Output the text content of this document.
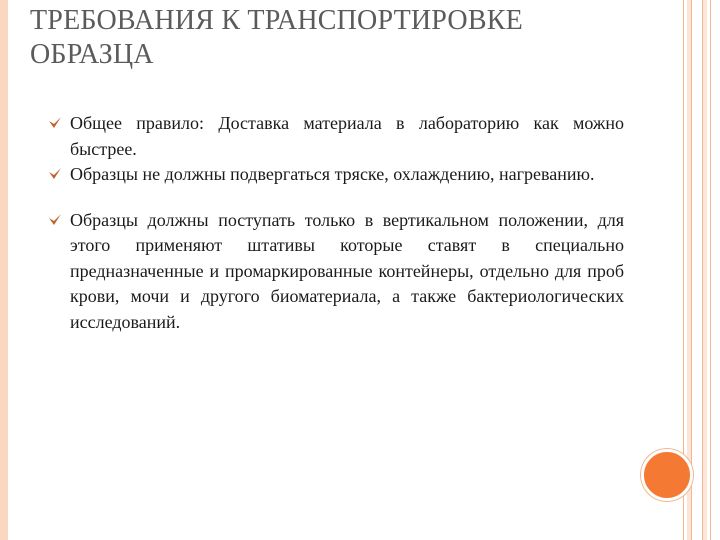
ТРЕБОВАНИЯ К ТРАНСПОРТИРОВКЕ ОБРАЗЦА
Общее правило: Доставка материала в лабораторию как можно быстрее.
Образцы не должны подвергаться тряске, охлаждению, нагреванию.
Образцы должны поступать только в вертикальном положении, для этого применяют штативы которые ставят в специально предназначенные и промаркированные контейнеры, отдельно для проб крови, мочи и другого биоматериала, а также бактериологических исследований.
